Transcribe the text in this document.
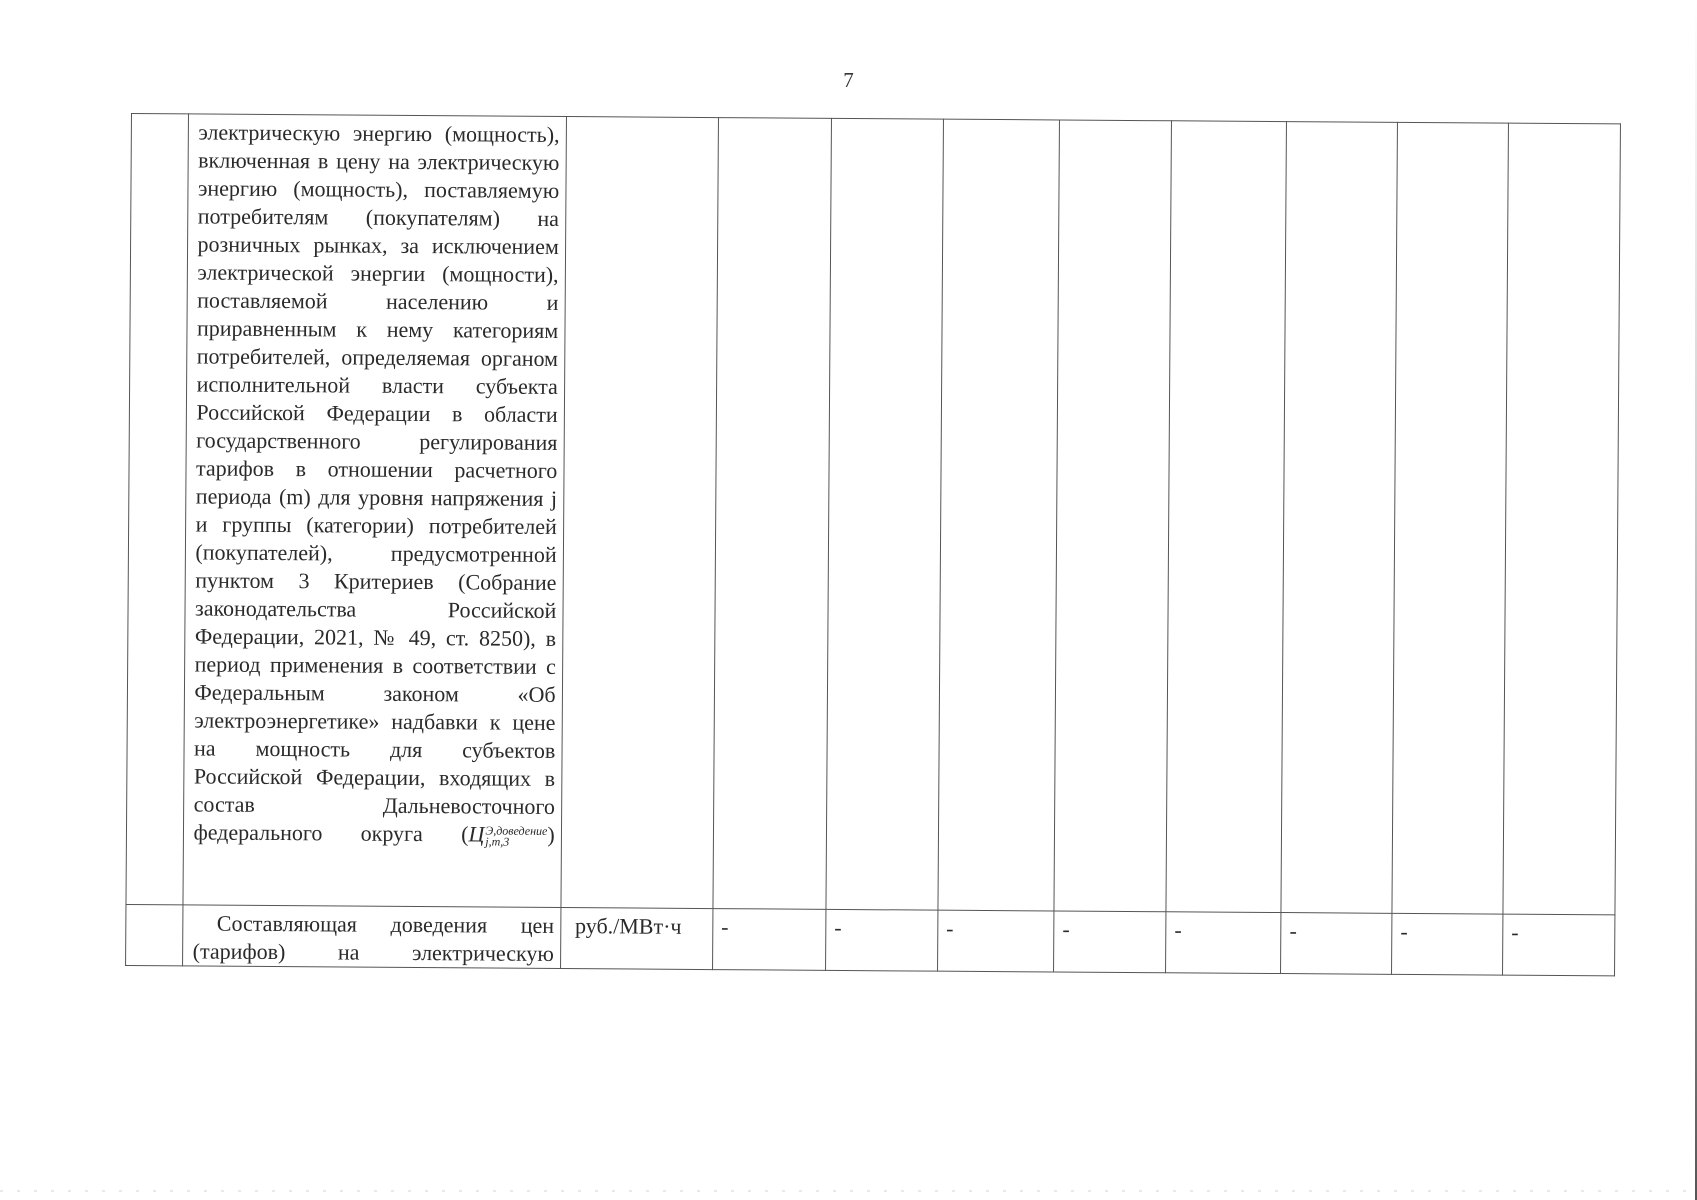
7
	электрическую энергию (мощность), включенная в цену на электрическую энергию (мощность), поставляемую потребителям (покупателям) на розничных рынках, за исключением электрической энергии (мощности), поставляемой населению и приравненным к нему категориям потребителей, определяемая органом исполнительной власти субъекта Российской Федерации в области государственного регулирования тарифов в отношении расчетного периода (m) для уровня напряжения j и группы (категории) потребителей (покупателей), предусмотренной пунктом 3 Критериев (Собрание законодательства Российской Федерации, 2021, № 49, ст. 8250), в период применения в соответствии с Федеральным законом «Об электроэнергетике» надбавки к цене на мощность для субъектов Российской Федерации, входящих в состав Дальневосточного федерального округа (Ц Э,доведение
j,m,3 )									
	Составляющая доведения цен (тарифов) на электрическую	руб./МВт·ч	-	-	-	-	-	-	-	-
